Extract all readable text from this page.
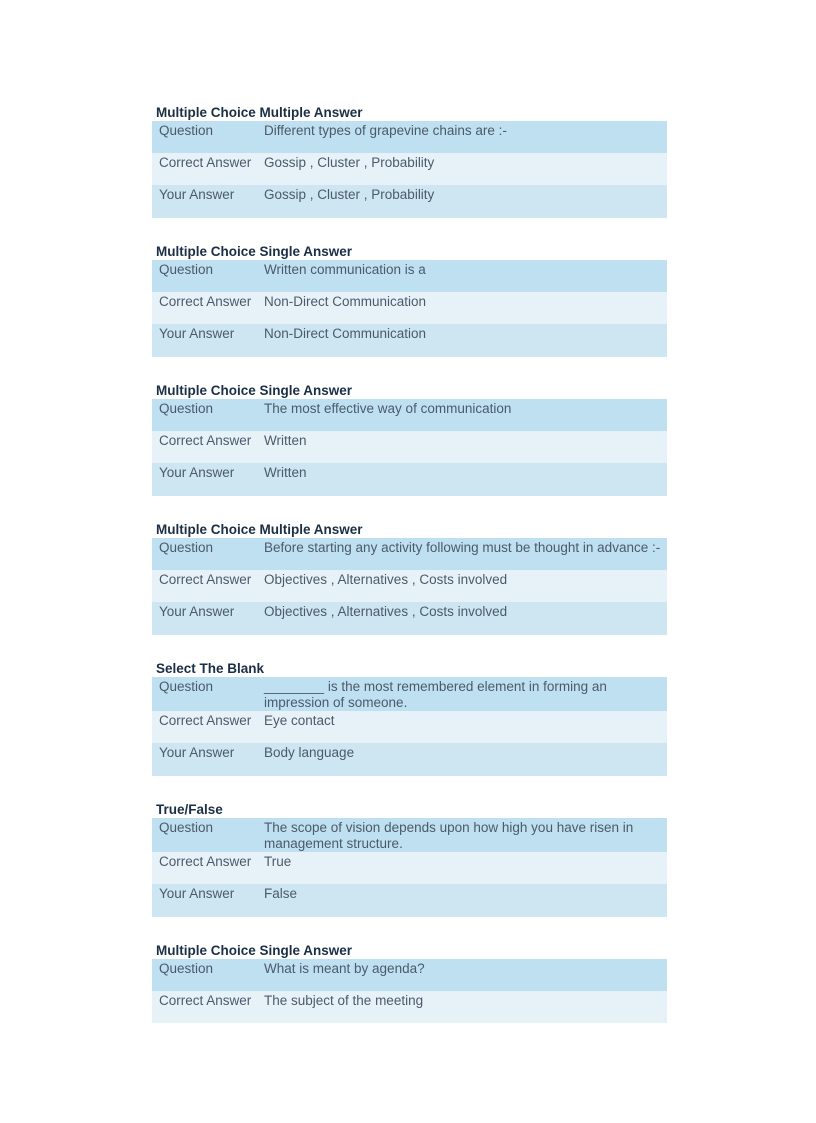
Multiple Choice Multiple Answer
Question	Different types of grapevine chains are :-
Correct Answer	Gossip , Cluster , Probability
Your Answer	Gossip , Cluster , Probability
Multiple Choice Single Answer
Question	Written communication is a
Correct Answer	Non-Direct Communication
Your Answer	Non-Direct Communication
Multiple Choice Single Answer
Question	The most effective way of communication
Correct Answer	Written
Your Answer	Written
Multiple Choice Multiple Answer
Question	Before starting any activity following must be thought in advance :-
Correct Answer	Objectives , Alternatives , Costs involved
Your Answer	Objectives , Alternatives , Costs involved
Select The Blank
Question	________ is the most remembered element in forming an impression of someone.
Correct Answer	Eye contact
Your Answer	Body language
True/False
Question	The scope of vision depends upon how high you have risen in management structure.
Correct Answer	True
Your Answer	False
Multiple Choice Single Answer
Question	What is meant by agenda?
Correct Answer	The subject of the meeting
